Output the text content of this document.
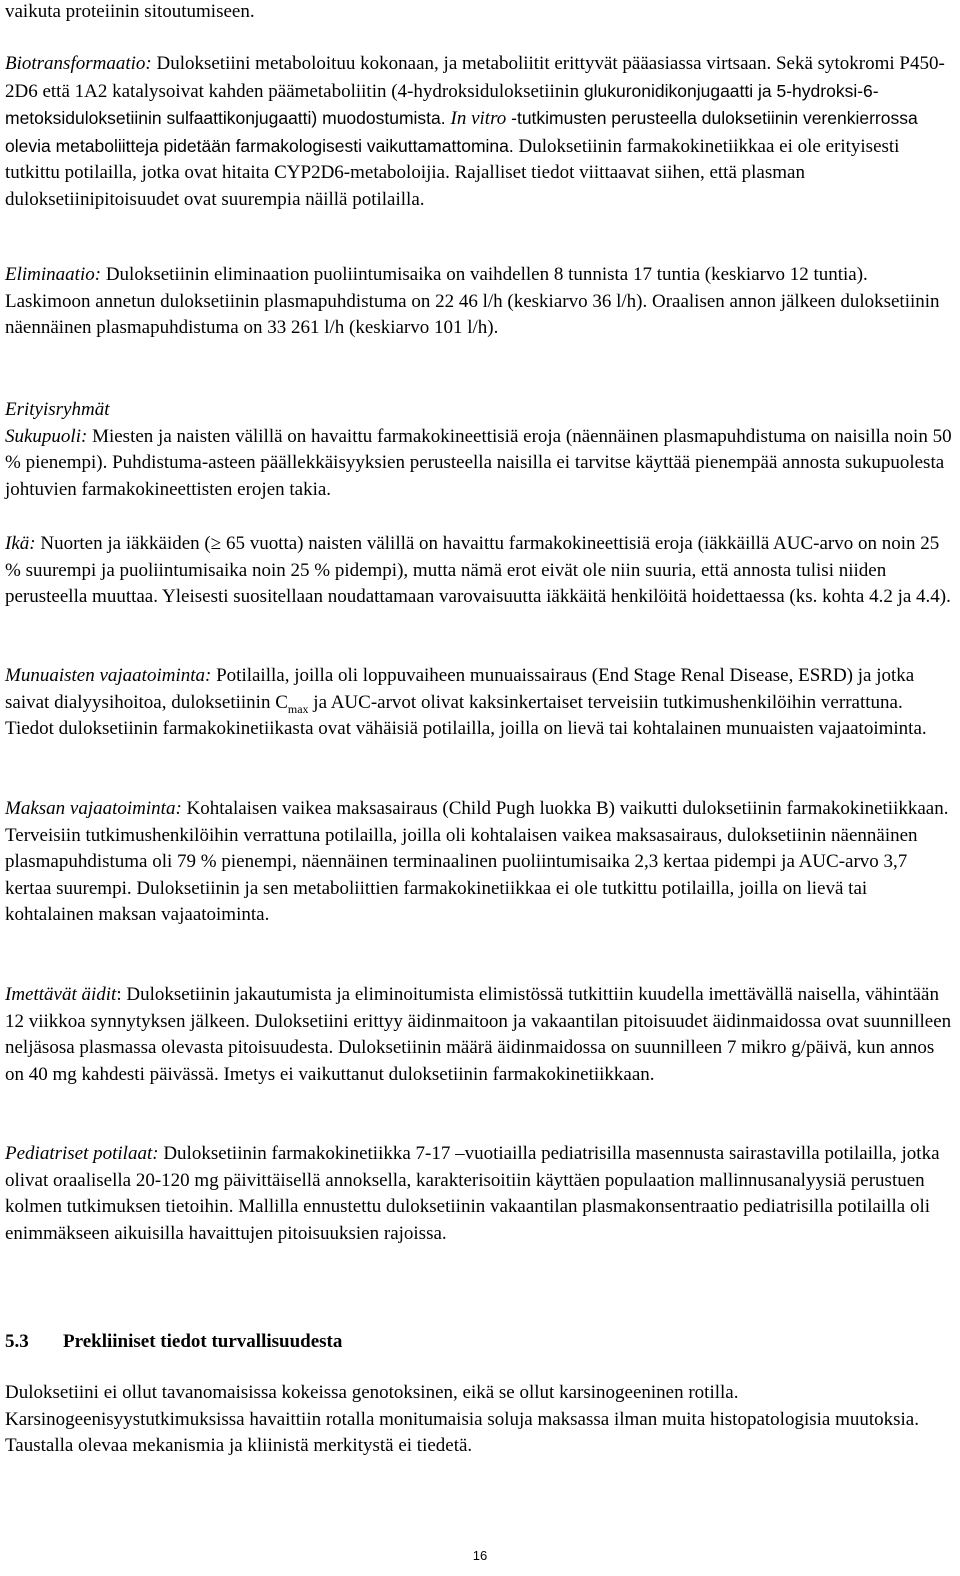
vaikuta proteiinin sitoutumiseen.

Biotransformaatio: Duloksetiini metaboloituu kokonaan, ja metaboliitit erittyvät pääasiassa virtsaan. Sekä sytokromi P450-2D6 että 1A2 katalysoivat kahden päämetaboliitin (4-hydroksiduloksetiinin glukuronidikonjugaatti ja 5-hydroksi-6-metoksiduloksetiinin sulfaattikonjugaatti) muodostumista. In vitro -tutkimusten perusteella duloksetiinin verenkierrossa olevia metaboliitteja pidetään farmakologisesti vaikuttamattomina. Duloksetiinin farmakokinetiikkaa ei ole erityisesti tutkittu potilailla, jotka ovat hitaita CYP2D6-metaboloijia. Rajalliset tiedot viittaavat siihen, että plasman duloksetiinipitoisuudet ovat suurempia näillä potilailla.

Eliminaatio: Duloksetiinin eliminaation puoliintumisaika on vaihdellen 8 tunnista 17 tuntia (keskiarvo 12 tuntia). Laskimoon annetun duloksetiinin plasmapuhdistuma on 22 46 l/h (keskiarvo 36 l/h). Oraalisen annon jälkeen duloksetiinin näennäinen plasmapuhdistuma on 33 261 l/h (keskiarvo 101 l/h).

Erityisryhmät
Sukupuoli: Miesten ja naisten välillä on havaittu farmakokineettisiä eroja (näennäinen plasmapuhdistuma on naisilla noin 50 % pienempi). Puhdistuma-asteen päällekkäisyyksien perusteella naisilla ei tarvitse käyttää pienempää annosta sukupuolesta johtuvien farmakokineettisten erojen takia.

Ikä: Nuorten ja iäkkäiden (≥ 65 vuotta) naisten välillä on havaittu farmakokineettisiä eroja (iäkkäillä AUC-arvo on noin 25 % suurempi ja puoliintumisaika noin 25 % pidempi), mutta nämä erot eivät ole niin suuria, että annosta tulisi niiden perusteella muuttaa. Yleisesti suositellaan noudattamaan varovaisuutta iäkkäitä henkilöitä hoidettaessa (ks. kohta 4.2 ja 4.4).

Munuaisten vajaatoiminta: Potilailla, joilla oli loppuvaiheen munuaissairaus (End Stage Renal Disease, ESRD) ja jotka saivat dialyysihoitoa, duloksetiinin $C_{max}$ ja AUC-arvot olivat kaksinkertaiset terveisiin tutkimushenkilöihin verrattuna. Tiedot duloksetiinin farmakokinetiikasta ovat vähäisiä potilailla, joilla on lievä tai kohtalainen munuaisten vajaatoiminta.

Maksan vajaatoiminta: Kohtalaisen vaikea maksasairaus (Child Pugh luokka B) vaikutti duloksetiinin farmakokinetiikkaan. Terveisiin tutkimushenkilöihin verrattuna potilailla, joilla oli kohtalaisen vaikea maksasairaus, duloksetiinin näennäinen plasmapuhdistuma oli 79 % pienempi, näennäinen terminaalinen puoliintumisaika 2,3 kertaa pidempi ja AUC-arvo 3,7 kertaa suurempi. Duloksetiinin ja sen metaboliittien farmakokinetiikkaa ei ole tutkittu potilailla, joilla on lievä tai kohtalainen maksan vajaatoiminta.

Imettävät äidit: Duloksetiinin jakautumista ja eliminoitumista elimistössä tutkittiin kuudella imettävällä naisella, vähintään 12 viikkoa synnytyksen jälkeen. Duloksetiini erittyy äidinmaitoon ja vakaantilan pitoisuudet äidinmaidossa ovat suunnilleen neljäsosa plasmassa olevasta pitoisuudesta. Duloksetiinin määrä äidinmaidossa on suunnilleen 7 mikro g/päivä, kun annos on 40 mg kahdesti päivässä. Imetys ei vaikuttanut duloksetiinin farmakokinetiikkaan.

Pediatriset potilaat: Duloksetiinin farmakokinetiikka 7-17 –vuotiailla pediatrisilla masennusta sairastavilla potilailla, jotka olivat oraalisella 20-120 mg päivittäisellä annoksella, karakterisoitiin käyttäen populaation mallinnusanalyysiä perustuen kolmen tutkimuksen tietoihin. Mallilla ennustettu duloksetiinin vakaantilan plasmakonsentraatio pediatrisilla potilailla oli enimmäkseen aikuisilla havaittujen pitoisuuksien rajoissa.

5.3 Prekliiniset tiedot turvallisuudesta

Duloksetiini ei ollut tavanomaisissa kokeissa genotoksinen, eikä se ollut karsinogeeninen rotilla. Karsinogeenisyystutkimuksissa havaittiin rotalla monitumaisia soluja maksassa ilman muita histopatologisia muutoksia. Taustalla olevaa mekanismia ja kliinistä merkitystä ei tiedetä.

16
